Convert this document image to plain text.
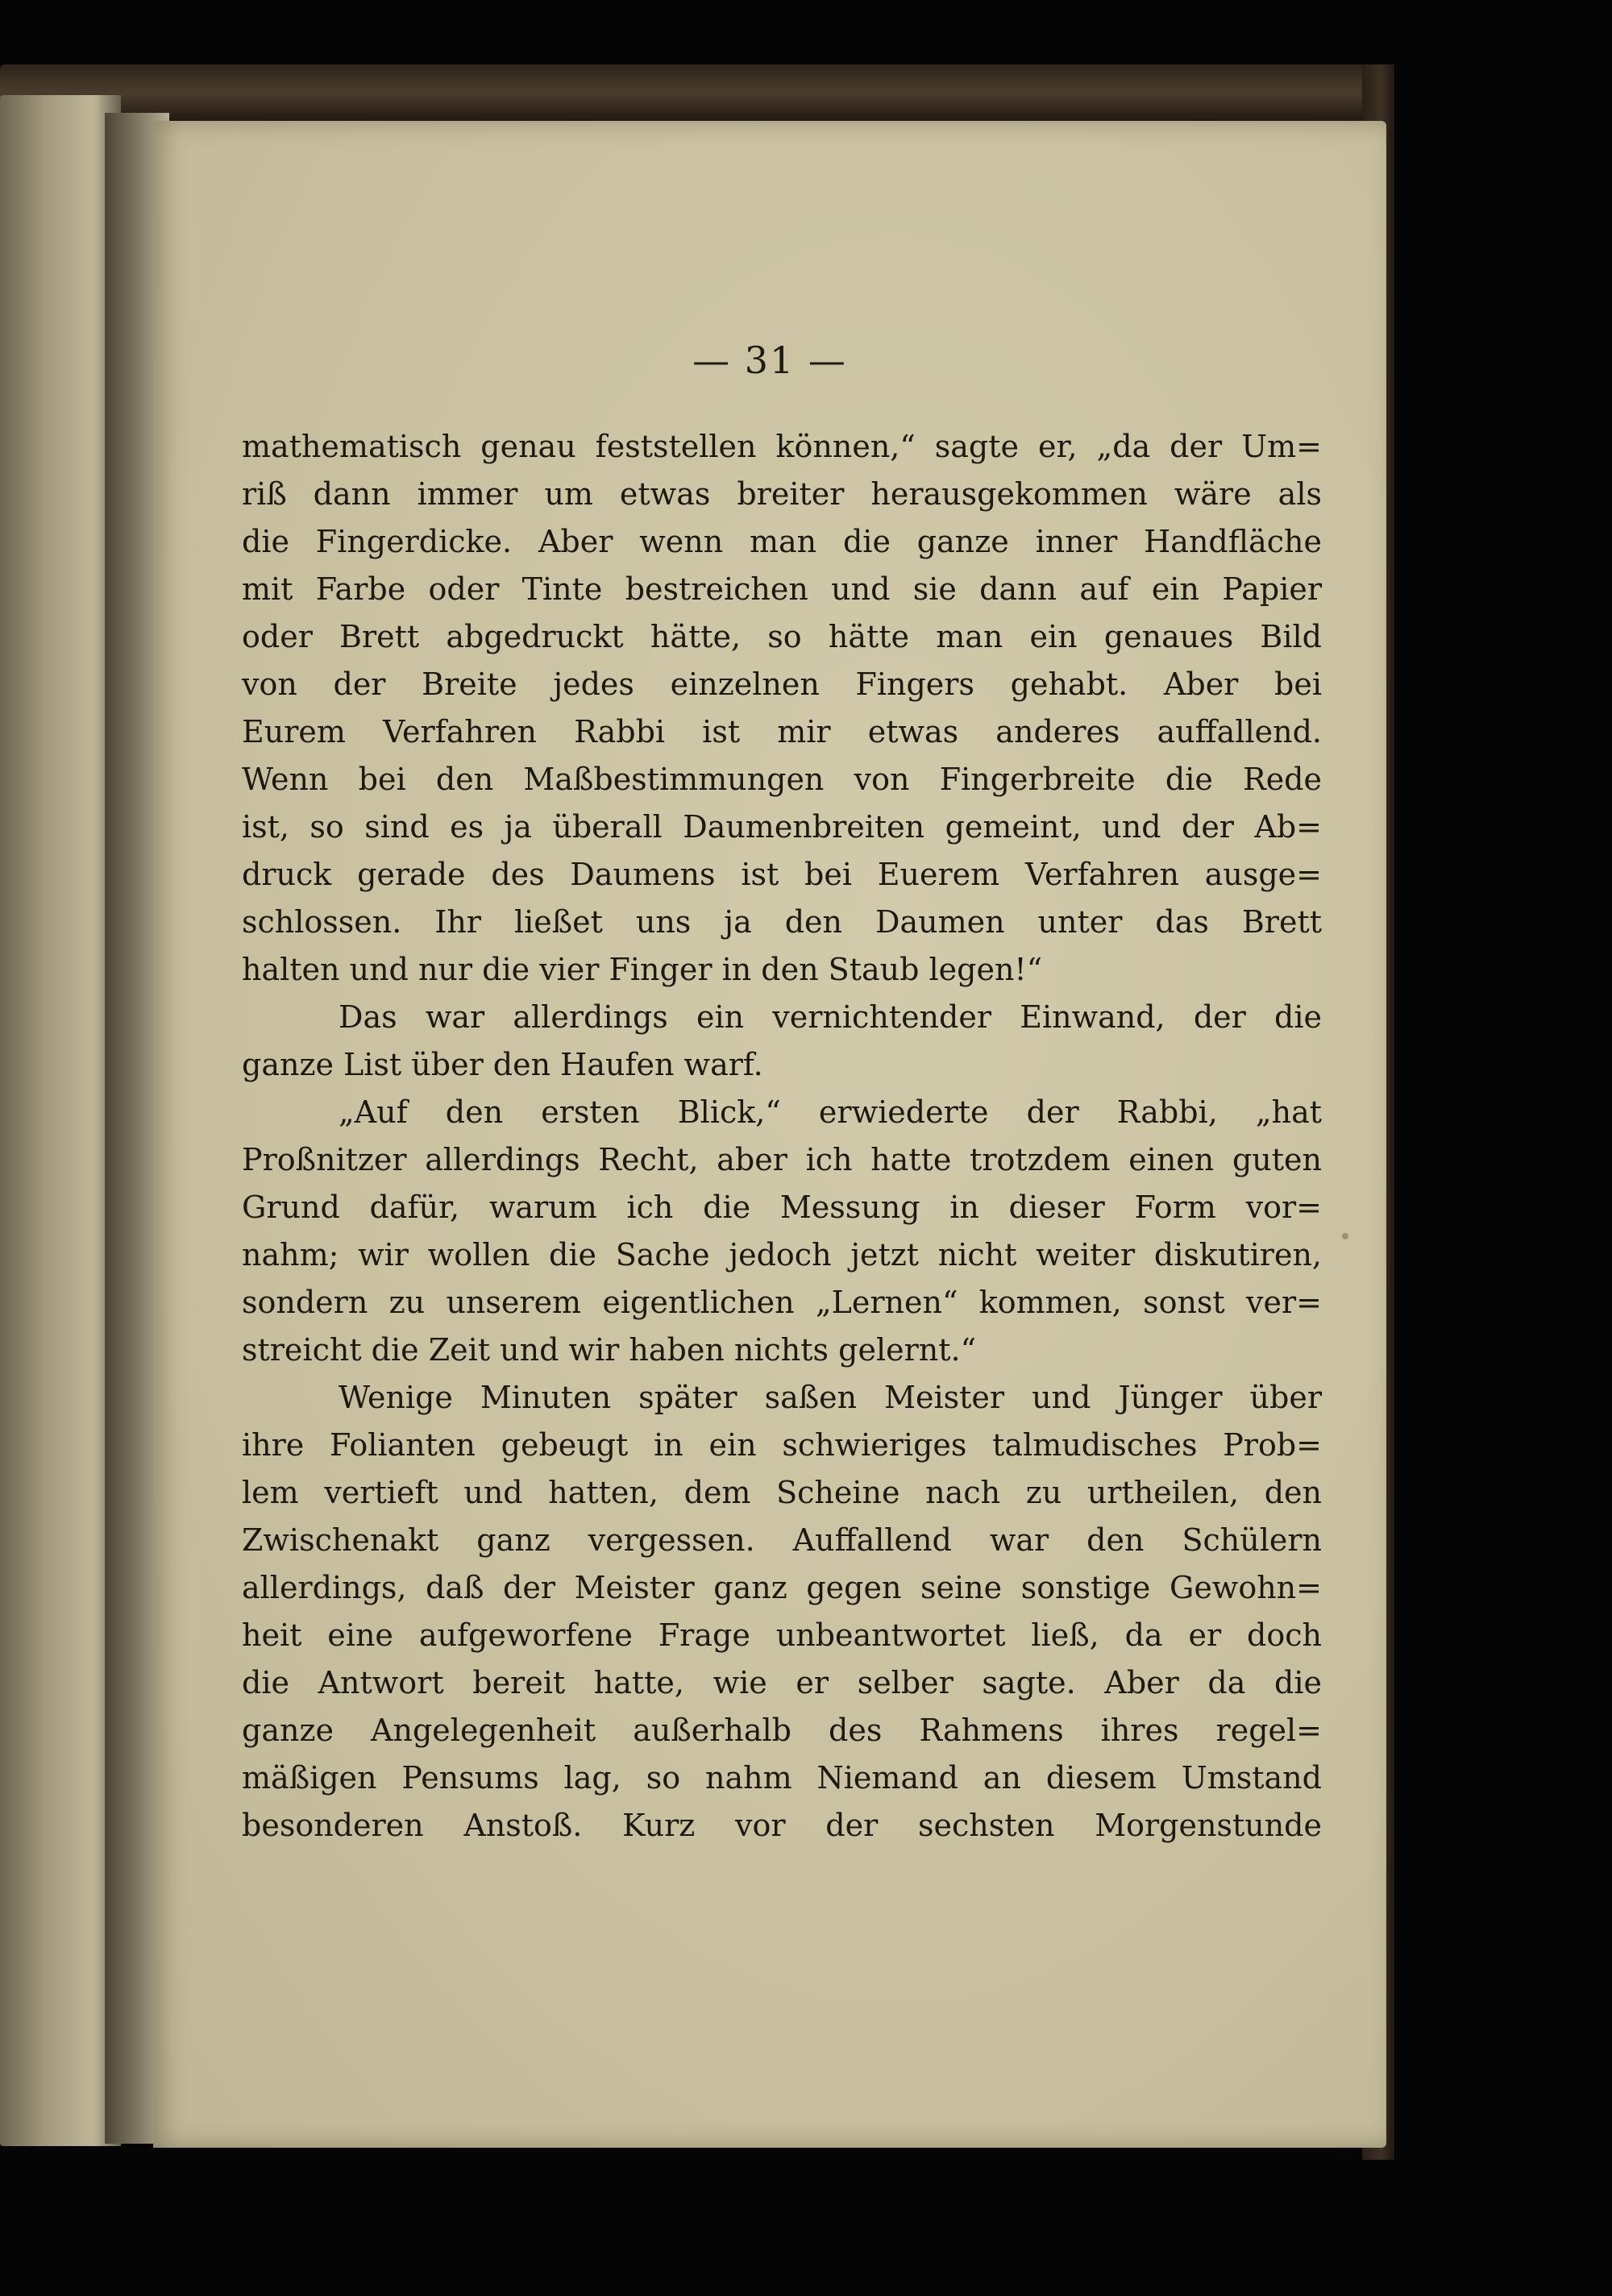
— 31 —
mathematisch genau feststellen können,“ sagte er, „da der Um=
riß dann immer um etwas breiter herausgekommen wäre als
die Fingerdicke. Aber wenn man die ganze inner Handfläche
mit Farbe oder Tinte bestreichen und sie dann auf ein Papier
oder Brett abgedruckt hätte, so hätte man ein genaues Bild
von der Breite jedes einzelnen Fingers gehabt. Aber bei
Eurem Verfahren Rabbi ist mir etwas anderes auffallend.
Wenn bei den Maßbestimmungen von Fingerbreite die Rede
ist, so sind es ja überall Daumenbreiten gemeint, und der Ab=
druck gerade des Daumens ist bei Euerem Verfahren ausge=
schlossen. Ihr ließet uns ja den Daumen unter das Brett
halten und nur die vier Finger in den Staub legen!“
Das war allerdings ein vernichtender Einwand, der die
ganze List über den Haufen warf.
„Auf den ersten Blick,“ erwiederte der Rabbi, „hat
Proßnitzer allerdings Recht, aber ich hatte trotzdem einen guten
Grund dafür, warum ich die Messung in dieser Form vor=
nahm; wir wollen die Sache jedoch jetzt nicht weiter diskutiren,
sondern zu unserem eigentlichen „Lernen“ kommen, sonst ver=
streicht die Zeit und wir haben nichts gelernt.“
Wenige Minuten später saßen Meister und Jünger über
ihre Folianten gebeugt in ein schwieriges talmudisches Prob=
lem vertieft und hatten, dem Scheine nach zu urtheilen, den
Zwischenakt ganz vergessen. Auffallend war den Schülern
allerdings, daß der Meister ganz gegen seine sonstige Gewohn=
heit eine aufgeworfene Frage unbeantwortet ließ, da er doch
die Antwort bereit hatte, wie er selber sagte. Aber da die
ganze Angelegenheit außerhalb des Rahmens ihres regel=
mäßigen Pensums lag, so nahm Niemand an diesem Umstand
besonderen Anstoß. Kurz vor der sechsten Morgenstunde
